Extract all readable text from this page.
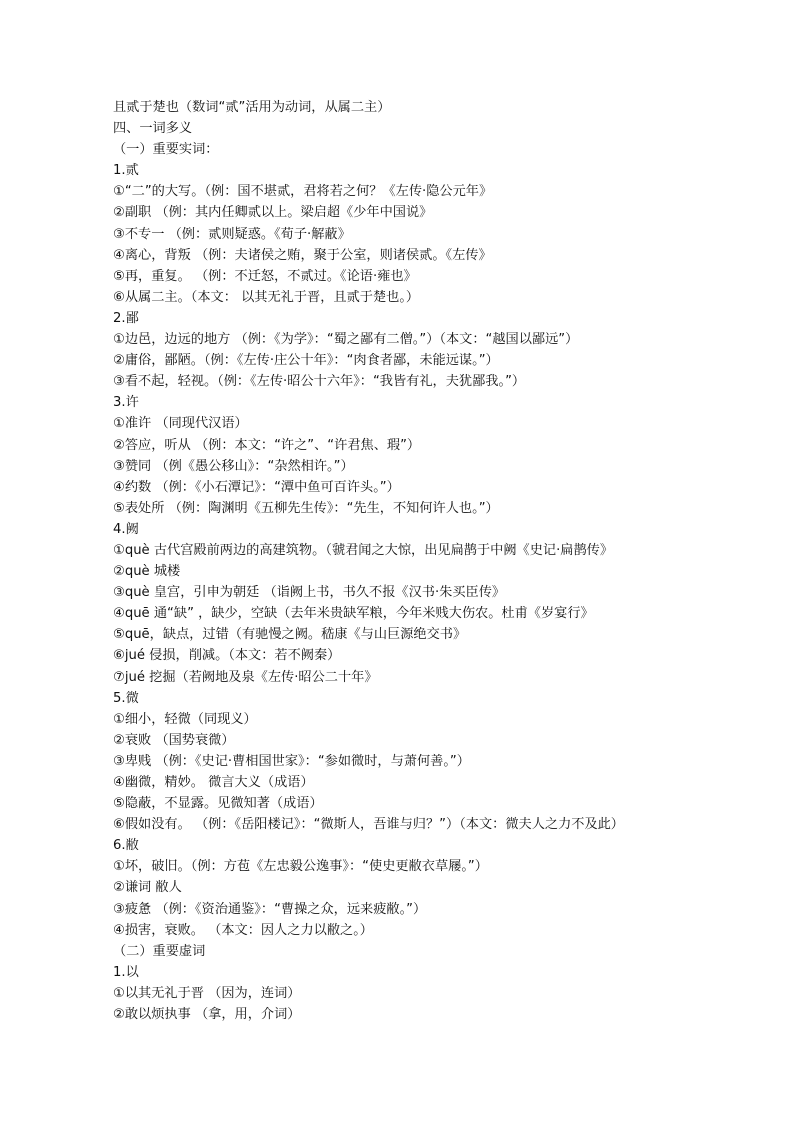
且贰于楚也（数词“贰”活用为动词，从属二主）
四、一词多义
（一）重要实词：
1.贰
①“二”的大写。（例：国不堪贰，君将若之何？《左传·隐公元年》
②副职 （例：其内任卿贰以上。梁启超《少年中国说》
③不专一 （例：贰则疑惑。《荀子·解蔽》
④离心，背叛 （例：夫诸侯之贿，聚于公室，则诸侯贰。《左传》
⑤再，重复。 （例：不迁怒，不贰过。《论语·雍也》
⑥从属二主。（本文： 以其无礼于晋，且贰于楚也。）
2.鄙
①边邑，边远的地方 （例：《为学》：“蜀之鄙有二僧。”）（本文：“越国以鄙远”）
②庸俗，鄙陋。（例：《左传·庄公十年》：“肉食者鄙，未能远谋。”）
③看不起，轻视。（例：《左传·昭公十六年》：“我皆有礼，夫犹鄙我。”）
3.许
①准许 （同现代汉语）
②答应，听从 （例：本文：“许之”、“许君焦、瑕”）
③赞同 （例《愚公移山》：“杂然相许。”）
④约数 （例：《小石潭记》：“潭中鱼可百许头。”）
⑤表处所 （例：陶渊明《五柳先生传》：“先生，不知何许人也。”）
4.阙
①què 古代宫殿前两边的高建筑物。（虢君闻之大惊，出见扁鹊于中阙《史记·扁鹊传》
②què 城楼
③què 皇宫，引申为朝廷 （诣阙上书，书久不报《汉书·朱买臣传》
④quē 通“缺” ，缺少，空缺（去年米贵缺军粮，今年米贱大伤农。杜甫《岁宴行》
⑤quē，缺点，过错（有驰慢之阙。嵇康《与山巨源绝交书》
⑥jué 侵损，削减。（本文：若不阙秦）
⑦jué 挖掘（若阙地及泉《左传·昭公二十年》
5.微
①细小，轻微（同现义）
②衰败 （国势衰微）
③卑贱 （例：《史记·曹相国世家》：“参如微时，与萧何善。”）
④幽微，精妙。 微言大义（成语）
⑤隐蔽，不显露。见微知著（成语）
⑥假如没有。 （例：《岳阳楼记》：“微斯人，吾谁与归？”）（本文：微夫人之力不及此）
6.敝
①坏，破旧。（例：方苞《左忠毅公逸事》：“使史更敝衣草屦。”）
②谦词 敝人
③疲惫 （例：《资治通鉴》：“曹操之众，远来疲敝。”）
④损害，衰败。 （本文：因人之力以敝之。）
（二）重要虚词
1.以
①以其无礼于晋 （因为，连词）
②敢以烦执事 （拿，用，介词）
